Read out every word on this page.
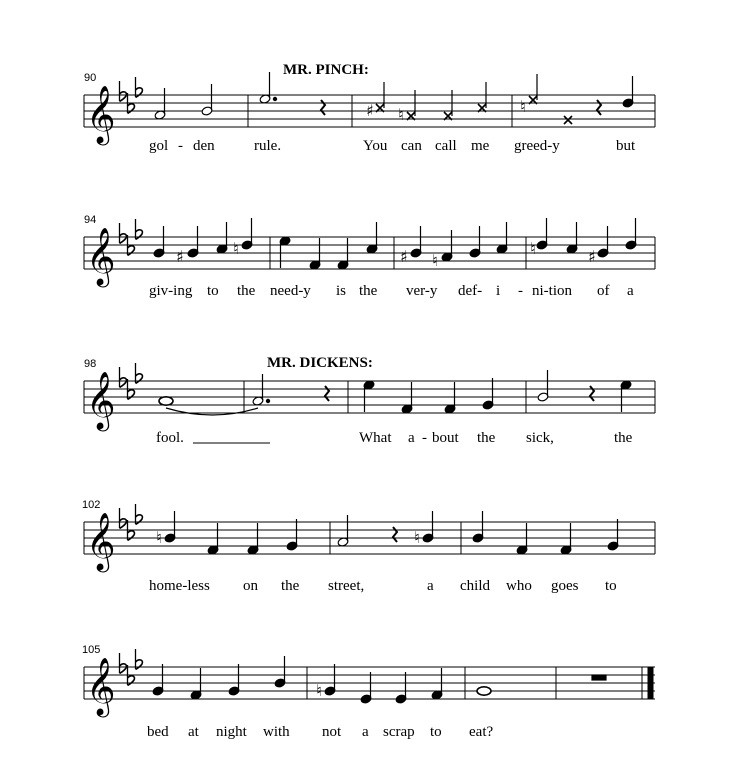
𝄞
90	MR. PINCH:
♯ ♮	♮
gol - den	rule.	You can call me greed-y	but
𝄞
94
♯	♮	♯ ♮
♮	♯
giv-ing to the need-y is the ver-y def- i - ni-tion of a
𝄞
98	MR. DICKENS:
fool.	What a - bout the sick,	the
𝄞
102
♮	♮
home-less on the street,	a child who goes to
𝄞
105
♮
bed at night with not a scrap to eat?
